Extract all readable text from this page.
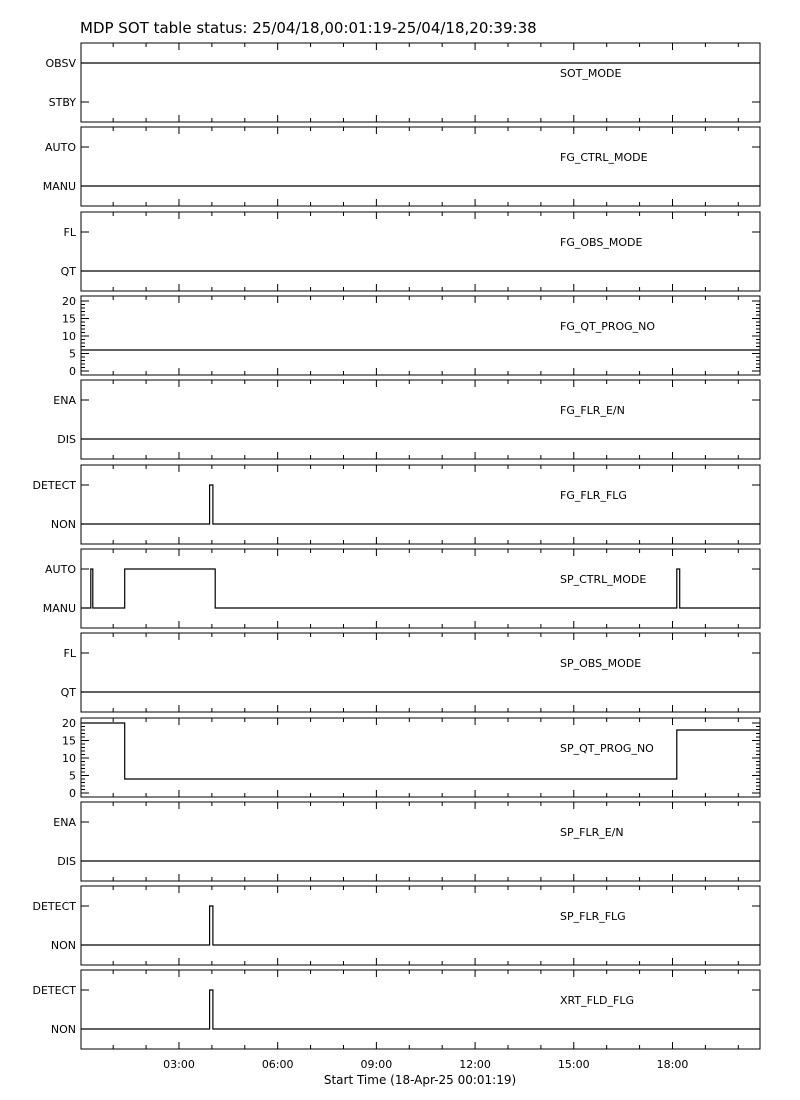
MDP SOT table status: 25/04/18,00:01:19-25/04/18,20:39:38
OBSV
STBY
SOT_MODE
AUTO
MANU
FG_CTRL_MODE
FL
QT
FG_OBS_MODE
0
5
10
15
20
FG_QT_PROG_NO
ENA
DIS
FG_FLR_E/N
DETECT
NON
FG_FLR_FLG
AUTO
MANU
SP_CTRL_MODE
FL
QT
SP_OBS_MODE
0
5
10
15
20
SP_QT_PROG_NO
ENA
DIS
SP_FLR_E/N
DETECT
NON
SP_FLR_FLG
DETECT
NON
XRT_FLD_FLG
03:00	06:00	09:00	12:00	15:00	18:00
Start Time (18-Apr-25 00:01:19)
